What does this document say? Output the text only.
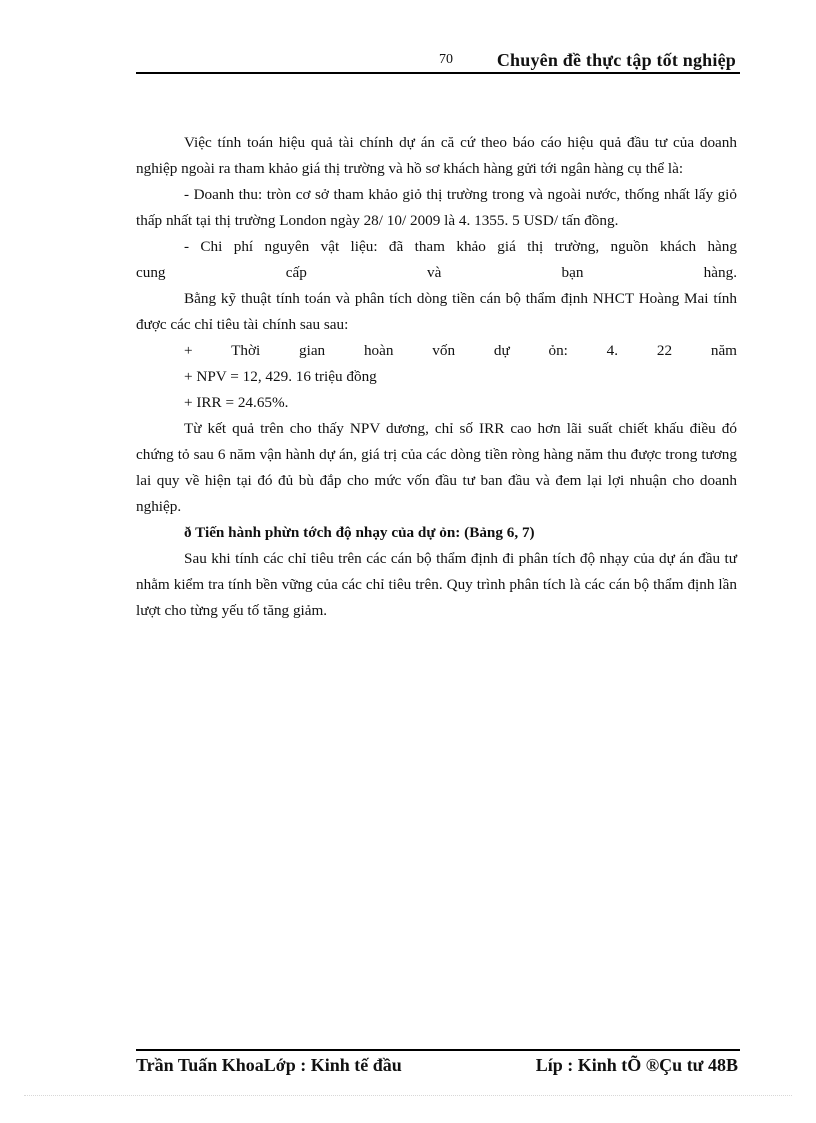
70 Chuyên đề thực tập tốt nghiệp

Việc tính toán hiệu quả tài chính dự án că cứ theo báo cáo hiệu quả đầu tư của doanh nghiệp ngoài ra tham khảo giá thị trường và hồ sơ khách hàng gửi tới ngân hàng cụ thể là:

- Doanh thu: tròn cơ sở tham khảo giỏ thị trường trong và ngoài nước, thống nhất lấy giỏ thấp nhất tại thị trường London ngày 28/ 10/ 2009 là 4. 1355. 5 USD/ tấn đồng.

- Chi phí nguyên vật liệu: đã tham khảo giá thị trường, nguồn khách hàng

cung cấp và bạn hàng.

Bằng kỹ thuật tính toán và phân tích dòng tiền cán bộ thẩm định NHCT Hoàng Mai tính được các chỉ tiêu tài chính sau sau:

+ Thời gian hoàn vốn dự ỏn: 4. 22 năm

+ NPV = 12, 429. 16 triệu đồng

+ IRR = 24.65%.

Từ kết quả trên cho thấy NPV dương, chỉ số IRR cao hơn lãi suất chiết khấu điều đó chứng tỏ sau 6 năm vận hành dự án, giá trị của các dòng tiền ròng hàng năm thu được trong tương lai quy về hiện tại đó đủ bù đắp cho mức vốn đầu tư ban đầu và đem lại lợi nhuận cho doanh nghiệp.

ð Tiến hành phừn tớch độ nhạy của dự ỏn: (Bảng 6, 7)

Sau khi tính các chỉ tiêu trên các cán bộ thẩm định đi phân tích độ nhạy của dự án đầu tư nhằm kiểm tra tính bền vững của các chỉ tiêu trên. Quy trình phân tích là các cán bộ thẩm định lần lượt cho từng yếu tố tăng giảm.

Trần Tuấn KhoaLớp : Kinh tế đầu	Líp : Kinh tÕ ®Çu tư 48B
